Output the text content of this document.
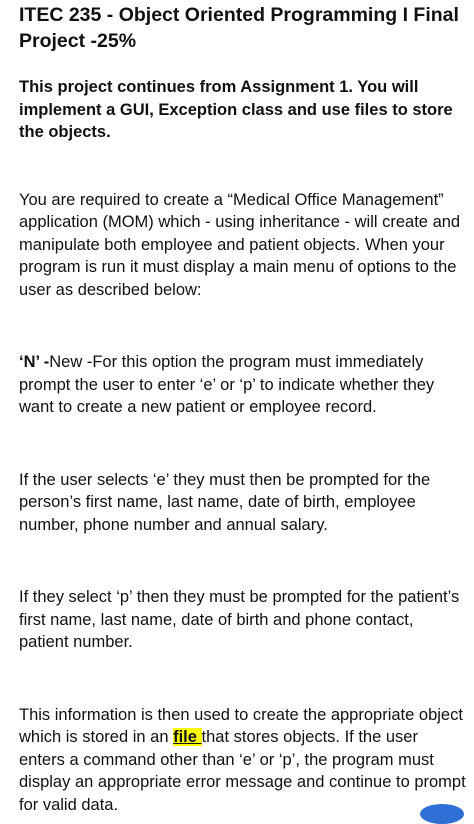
ITEC 235 - Object Oriented Programming I Final Project -25%

This project continues from Assignment 1. You will implement a GUI, Exception class and use files to store the objects.

You are required to create a “Medical Office Management” application (MOM) which - using inheritance - will create and manipulate both employee and patient objects. When your program is run it must display a main menu of options to the user as described below:

‘N’ -New -For this option the program must immediately prompt the user to enter ‘e’ or ‘p’ to indicate whether they want to create a new patient or employee record.

If the user selects ‘e’ they must then be prompted for the person’s first name, last name, date of birth, employee number, phone number and annual salary.

If they select ‘p’ then they must be prompted for the patient’s first name, last name, date of birth and phone contact, patient number.

This information is then used to create the appropriate object which is stored in an file that stores objects. If the user enters a command other than ‘e’ or ‘p’, the program must display an appropriate error message and continue to prompt for valid data.
